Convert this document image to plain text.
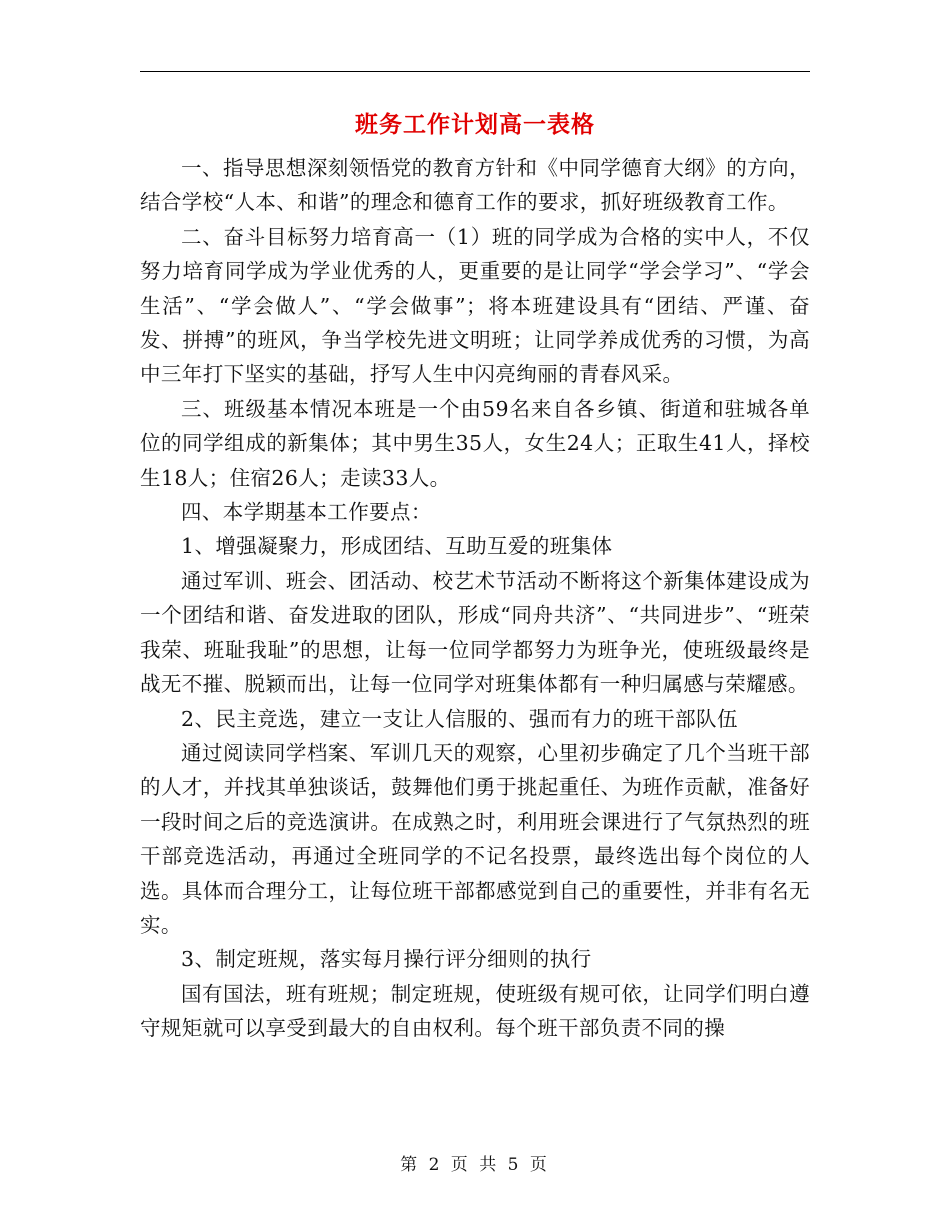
班务工作计划高一表格

一、指导思想深刻领悟党的教育方针和《中同学德育大纲》的方向，结合学校“人本、和谐”的理念和德育工作的要求，抓好班级教育工作。

二、奋斗目标努力培育高一（1）班的同学成为合格的实中人，不仅努力培育同学成为学业优秀的人，更重要的是让同学“学会学习”、“学会生活”、“学会做人”、“学会做事”；将本班建设具有“团结、严谨、奋发、拼搏”的班风，争当学校先进文明班；让同学养成优秀的习惯，为高中三年打下坚实的基础，抒写人生中闪亮绚丽的青春风采。

三、班级基本情况本班是一个由59名来自各乡镇、街道和驻城各单位的同学组成的新集体；其中男生35人，女生24人；正取生41人，择校生18人；住宿26人；走读33人。

四、本学期基本工作要点：

1、增强凝聚力，形成团结、互助互爱的班集体

通过军训、班会、团活动、校艺术节活动不断将这个新集体建设成为一个团结和谐、奋发进取的团队，形成“同舟共济”、“共同进步”、“班荣我荣、班耻我耻”的思想，让每一位同学都努力为班争光，使班级最终是战无不摧、脱颖而出，让每一位同学对班集体都有一种归属感与荣耀感。

2、民主竞选，建立一支让人信服的、强而有力的班干部队伍

通过阅读同学档案、军训几天的观察，心里初步确定了几个当班干部的人才，并找其单独谈话，鼓舞他们勇于挑起重任、为班作贡献，准备好一段时间之后的竞选演讲。在成熟之时，利用班会课进行了气氛热烈的班干部竞选活动，再通过全班同学的不记名投票，最终选出每个岗位的人选。具体而合理分工，让每位班干部都感觉到自己的重要性，并非有名无实。

3、制定班规，落实每月操行评分细则的执行

国有国法，班有班规；制定班规，使班级有规可依，让同学们明白遵守规矩就可以享受到最大的自由权利。每个班干部负责不同的操

第 2 页 共 5 页
